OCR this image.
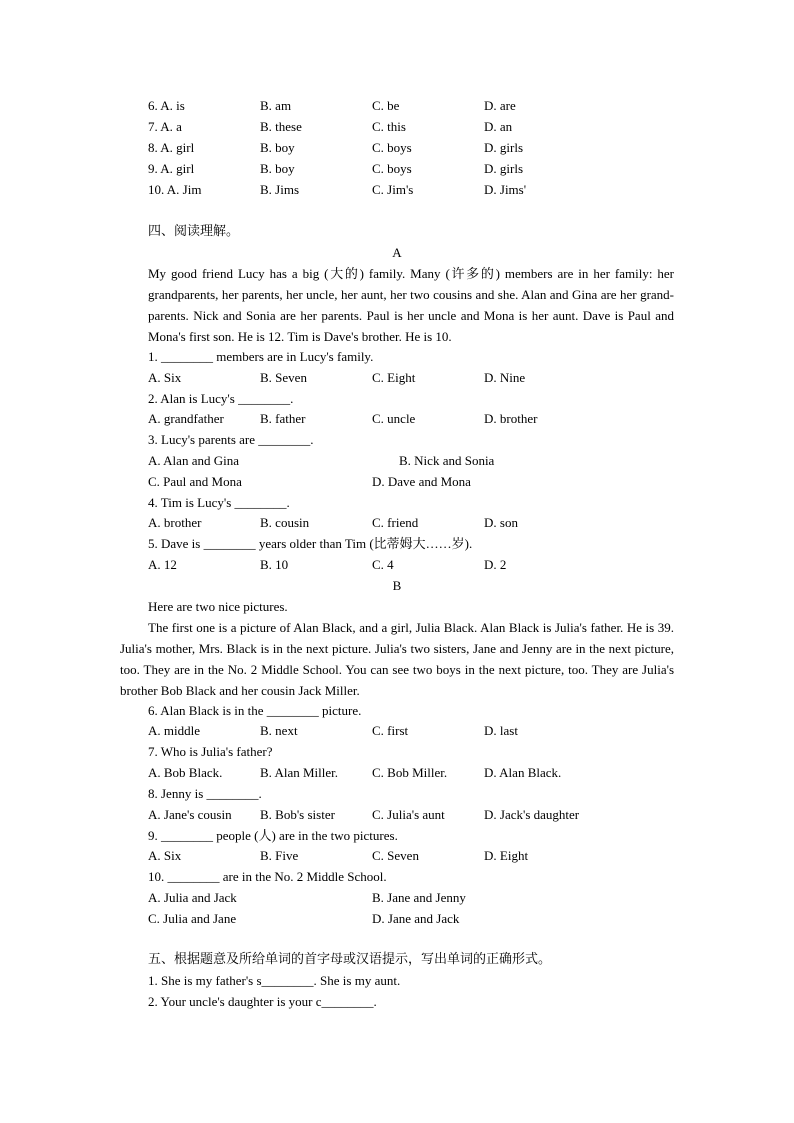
6. A. is	B. am	C. be	D. are
7. A. a	B. these	C. this	D. an
8. A. girl	B. boy	C. boys	D. girls
9. A. girl	B. boy	C. boys	D. girls
10. A. Jim	B. Jims	C. Jim's	D. Jims'
四、阅读理解。
A
My good friend Lucy has a big (大的) family. Many (许多的) members are in her family: her grandparents, her parents, her uncle, her aunt, her two cousins and she. Alan and Gina are her grand-parents. Nick and Sonia are her parents. Paul is her uncle and Mona is her aunt. Dave is Paul and Mona's first son. He is 12. Tim is Dave's brother. He is 10.
1. ________ members are in Lucy's family.
A. Six	B. Seven	C. Eight	D. Nine
2. Alan is Lucy's ________.
A. grandfather	B. father	C. uncle	D. brother
3. Lucy's parents are ________.
A. Alan and Gina	B. Nick and Sonia
C. Paul and Mona	D. Dave and Mona
4. Tim is Lucy's ________.
A. brother	B. cousin	C. friend	D. son
5. Dave is ________ years older than Tim (比蒂姆大……岁).
A. 12	B. 10	C. 4	D. 2
B
Here are two nice pictures.
The first one is a picture of Alan Black, and a girl, Julia Black. Alan Black is Julia's father. He is 39. Julia's mother, Mrs. Black is in the next picture. Julia's two sisters, Jane and Jenny are in the next picture, too. They are in the No. 2 Middle School. You can see two boys in the next picture, too. They are Julia's brother Bob Black and her cousin Jack Miller.
6. Alan Black is in the ________ picture.
A. middle	B. next	C. first	D. last
7. Who is Julia's father?
A. Bob Black.	B. Alan Miller.	C. Bob Miller.	D. Alan Black.
8. Jenny is ________.
A. Jane's cousin B. Bob's sister	C. Julia's aunt	D. Jack's daughter
9. ________ people (人) are in the two pictures.
A. Six	B. Five	C. Seven	D. Eight
10. ________ are in the No. 2 Middle School.
A. Julia and Jack	B. Jane and Jenny
C. Julia and Jane	D. Jane and Jack
五、根据题意及所给单词的首字母或汉语提示，写出单词的正确形式。
1. She is my father's s________. She is my aunt.
2. Your uncle's daughter is your c________.
